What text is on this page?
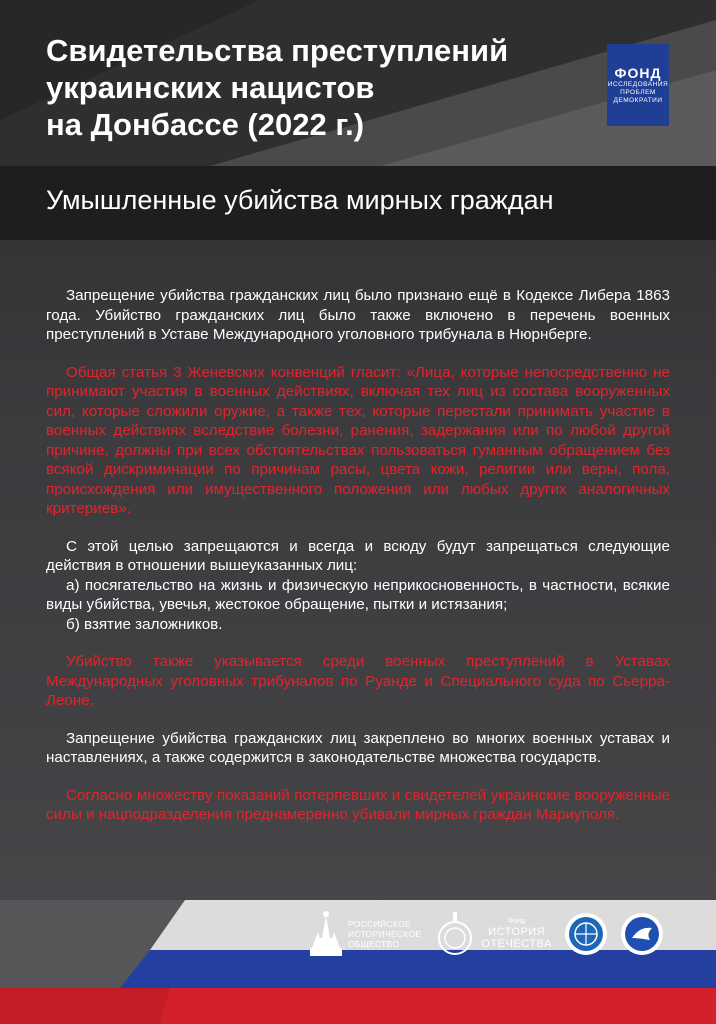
Свидетельства преступлений
украинских нацистов
на Донбассе (2022 г.)
ФОНД
ИССЛЕДОВАНИЯ
ПРОБЛЕМ
ДЕМОКРАТИИ
Умышленные убийства мирных граждан

Запрещение убийства гражданских лиц было признано ещё в Кодексе Либера 1863 года. Убийство гражданских лиц было также включено в перечень военных преступлений в Уставе Международного уголовного трибунала в Нюрнберге.

Общая статья 3 Женевских конвенций гласит: «Лица, которые непосредственно не принимают участия в военных действиях, включая тех лиц из состава вооруженных сил, которые сложили оружие, а также тех, которые перестали принимать участие в военных действиях вследствие болезни, ранения, задержания или по любой другой причине, должны при всех обстоятельствах пользоваться гуманным обращением без всякой дискриминации по причинам расы, цвета кожи, религии или веры, пола, происхождения или имущественного положения или любых других аналогичных критериев».

С этой целью запрещаются и всегда и всюду будут запрещаться следующие действия в отношении вышеуказанных лиц:

а) посягательство на жизнь и физическую неприкосновенность, в частности, всякие виды убийства, увечья, жестокое обращение, пытки и истязания;

б) взятие заложников.

Убийство также указывается среди военных преступлений в Уставах Международных уголовных трибуналов по Руанде и Специального суда по Сьерра-Леоне.

Запрещение убийства гражданских лиц закреплено во многих военных уставах и наставлениях, а также содержится в законодательстве множества государств.

Согласно множеству показаний потерпевших и свидетелей украинские вооруженные силы и нацподразделения преднамеренно убивали мирных граждан Мариуполя.

РОССИЙСКОЕ
ИСТОРИЧЕСКОЕ
ОБЩЕСТВО
Фонд
ИСТОРИЯ
ОТЕЧЕСТВА
